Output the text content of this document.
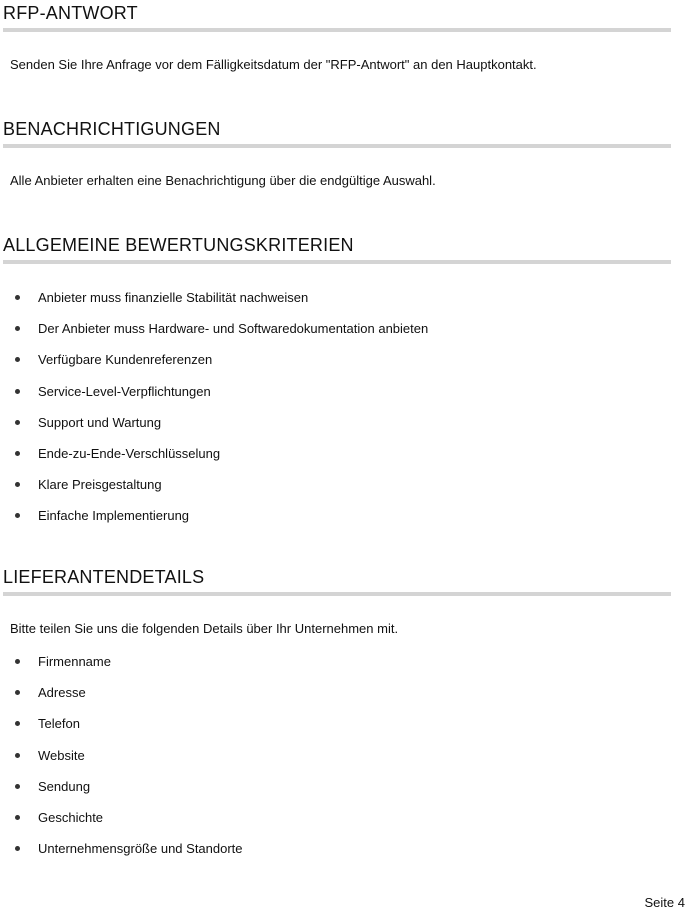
RFP-ANTWORT

Senden Sie Ihre Anfrage vor dem Fälligkeitsdatum der "RFP-Antwort" an den Hauptkontakt.

BENACHRICHTIGUNGEN

Alle Anbieter erhalten eine Benachrichtigung über die endgültige Auswahl.

ALLGEMEINE BEWERTUNGSKRITERIEN
Anbieter muss finanzielle Stabilität nachweisen
Der Anbieter muss Hardware- und Softwaredokumentation anbieten
Verfügbare Kundenreferenzen
Service-Level-Verpflichtungen
Support und Wartung
Ende-zu-Ende-Verschlüsselung
Klare Preisgestaltung
Einfache Implementierung
LIEFERANTENDETAILS

Bitte teilen Sie uns die folgenden Details über Ihr Unternehmen mit.

Firmenname
Adresse
Telefon
Website
Sendung
Geschichte
Unternehmensgröße und Standorte
Seite 4
